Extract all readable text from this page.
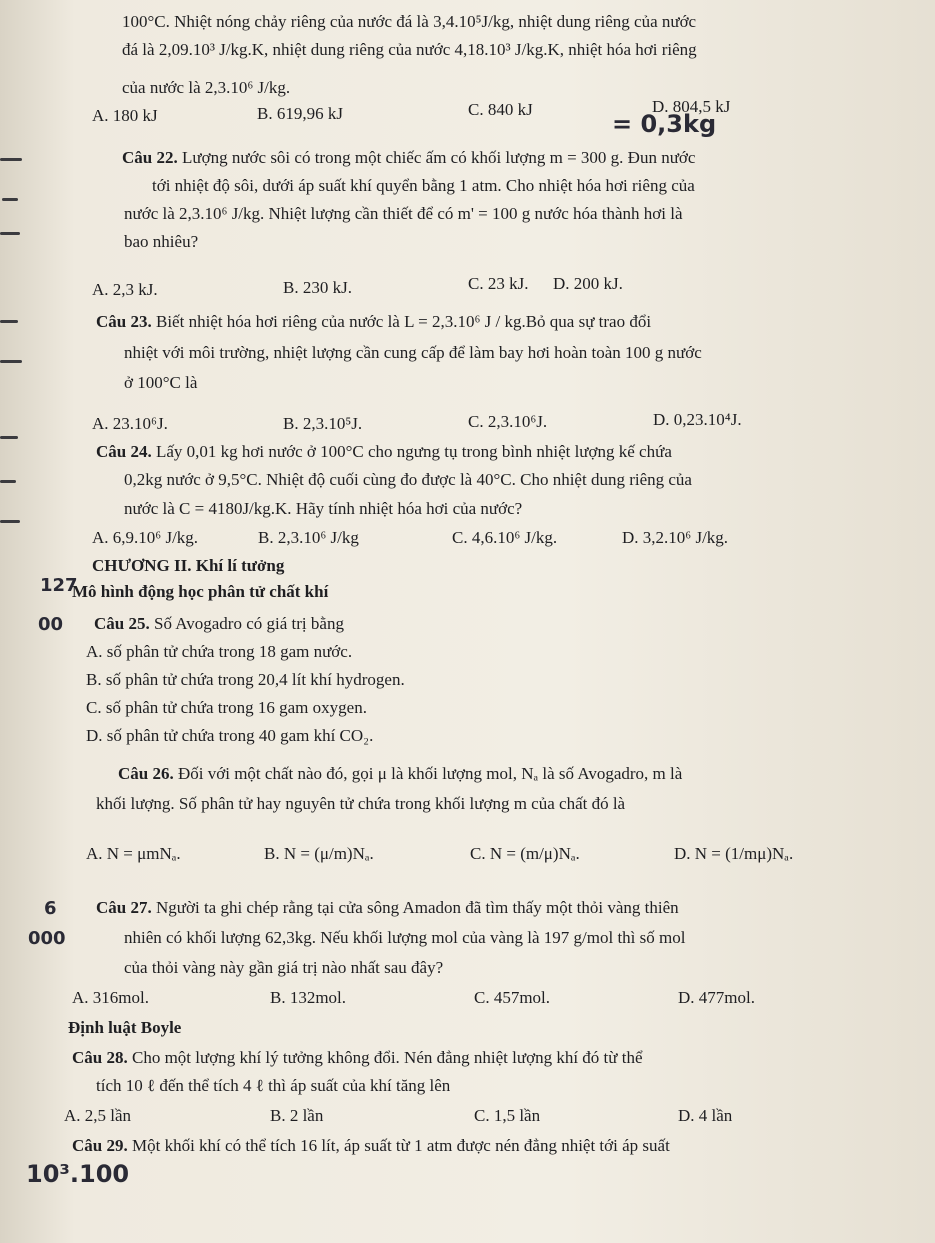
100°C. Nhiệt nóng chảy riêng của nước đá là 3,4.10⁵J/kg, nhiệt dung riêng của nước
đá là 2,09.10³ J/kg.K, nhiệt dung riêng của nước 4,18.10³ J/kg.K, nhiệt hóa hơi riêng
của nước là 2,3.10⁶ J/kg.
A. 180 kJ	B. 619,96 kJ	C. 840 kJ	D. 804,5 kJ
= 0,3kg
Câu 22. Lượng nước sôi có trong một chiếc ấm có khối lượng m = 300 g. Đun nước
tới nhiệt độ sôi, dưới áp suất khí quyển bằng 1 atm. Cho nhiệt hóa hơi riêng của
nước là 2,3.10⁶ J/kg. Nhiệt lượng cần thiết để có m' = 100 g nước hóa thành hơi là
bao nhiêu?
A. 2,3 kJ.	B. 230 kJ.	C. 23 kJ. D. 200 kJ.
Câu 23. Biết nhiệt hóa hơi riêng của nước là L = 2,3.10⁶ J / kg.Bỏ qua sự trao đổi
nhiệt với môi trường, nhiệt lượng cần cung cấp để làm bay hơi hoàn toàn 100 g nước
ở 100°C là
A. 23.10⁶J.	B. 2,3.10⁵J.	C. 2,3.10⁶J.	D. 0,23.10⁴J.
Câu 24. Lấy 0,01 kg hơi nước ở 100°C cho ngưng tụ trong bình nhiệt lượng kế chứa
0,2kg nước ở 9,5°C. Nhiệt độ cuối cùng đo được là 40°C. Cho nhiệt dung riêng của
nước là C = 4180J/kg.K. Hãy tính nhiệt hóa hơi của nước?
A. 6,9.10⁶ J/kg.	B. 2,3.10⁶ J/kg	C. 4,6.10⁶ J/kg.	D. 3,2.10⁶ J/kg.
CHƯƠNG II. Khí lí tưởng
127
Mô hình động học phân tử chất khí
00 Câu 25. Số Avogadro có giá trị bằng
A. số phân tử chứa trong 18 gam nước.
B. số phân tử chứa trong 20,4 lít khí hydrogen.
C. số phân tử chứa trong 16 gam oxygen.
D. số phân tử chứa trong 40 gam khí CO₂.
Câu 26. Đối với một chất nào đó, gọi μ là khối lượng mol, Nₐ là số Avogadro, m là
khối lượng. Số phân tử hay nguyên tử chứa trong khối lượng m của chất đó là
A. N = μmNₐ.	B. N = (μ/m)Nₐ.	C. N = (m/μ)Nₐ.	D. N = (1/mμ)Nₐ.
6 Câu 27. Người ta ghi chép rằng tại cửa sông Amadon đã tìm thấy một thỏi vàng thiên
000	nhiên có khối lượng 62,3kg. Nếu khối lượng mol của vàng là 197 g/mol thì số mol
của thỏi vàng này gần giá trị nào nhất sau đây?
A. 316mol.	B. 132mol.	C. 457mol.	D. 477mol.
Định luật Boyle
Câu 28. Cho một lượng khí lý tưởng không đổi. Nén đẳng nhiệt lượng khí đó từ thể
tích 10 ℓ đến thể tích 4 ℓ thì áp suất của khí tăng lên
A. 2,5 lần	B. 2 lần	C. 1,5 lần	D. 4 lần
Câu 29. Một khối khí có thể tích 16 lít, áp suất từ 1 atm được nén đẳng nhiệt tới áp suất
10³.100
